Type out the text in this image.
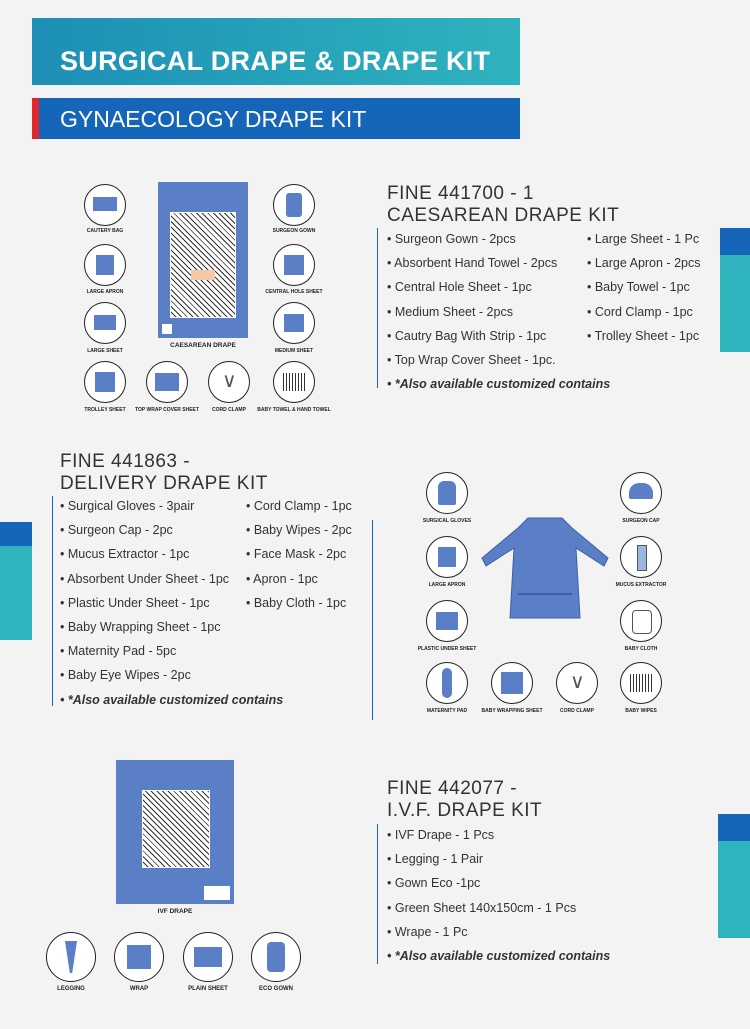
SURGICAL DRAPE & DRAPE KIT
GYNAECOLOGY DRAPE KIT
CAESAREAN DRAPE
CAUTERY BAG
LARGE APRON
LARGE SHEET
TROLLEY SHEET	TOP WRAP COVER SHEET
∨
CORD CLAMP
SURGEON GOWN
CENTRAL HOLE SHEET
MEDIUM SHEET
BABY TOWEL & HAND TOWEL
FINE 441700 - 1
CAESAREAN DRAPE KIT
• Surgeon Gown - 2pcs
• Absorbent Hand Towel - 2pcs
• Central Hole Sheet - 1pc
• Medium Sheet - 2pcs
• Cautry Bag With Strip - 1pc
• Top Wrap Cover Sheet - 1pc.
• *Also available customized contains
• Large Sheet - 1 Pc
• Large Apron - 2pcs
• Baby Towel - 1pc
• Cord Clamp - 1pc
• Trolley Sheet - 1pc
FINE 441863 -
DELIVERY DRAPE KIT
• Surgical Gloves - 3pair
• Surgeon Cap - 2pc
• Mucus Extractor - 1pc
• Absorbent Under Sheet - 1pc
• Plastic Under Sheet - 1pc
• Baby Wrapping Sheet - 1pc
• Maternity Pad - 5pc
• Baby Eye Wipes - 2pc
• *Also available customized contains
• Cord Clamp - 1pc
• Baby Wipes - 2pc
• Face Mask - 2pc
• Apron - 1pc
• Baby Cloth - 1pc
SURGICAL GLOVES	SURGEON CAP
LARGE APRON	MUCUS EXTRACTOR
PLASTIC UNDER SHEET	BABY CLOTH
MATERNITY PAD	BABY WRAPPING SHEET
∨
CORD CLAMP	BABY WIPES
IVF DRAPE
LEGGING	WRAP	PLAIN SHEET	ECO GOWN
FINE 442077 -
I.V.F. DRAPE KIT
• IVF Drape - 1 Pcs
• Legging - 1 Pair
• Gown Eco -1pc
• Green Sheet 140x150cm - 1 Pcs
• Wrape - 1 Pc
• *Also available customized contains
